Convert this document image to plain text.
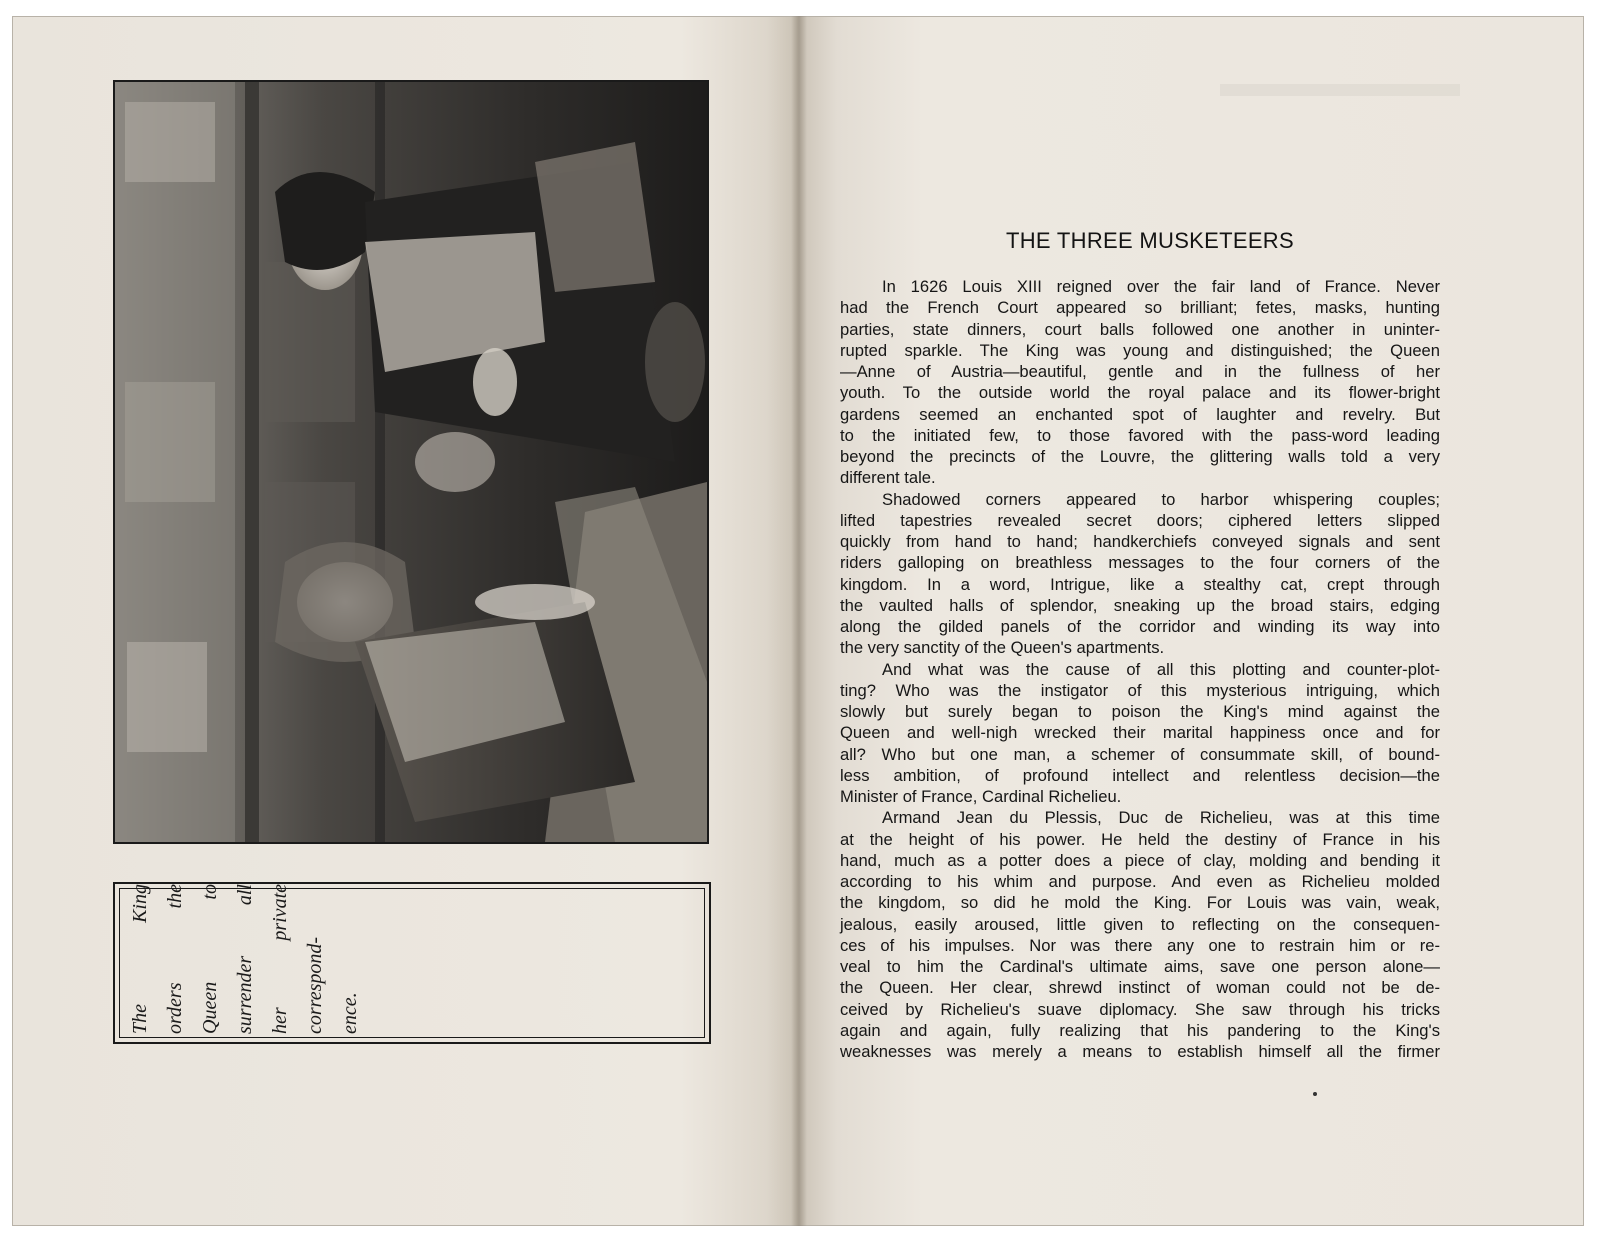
The King orders the Queen to surrender all her private correspond- ence.
THE THREE MUSKETEERS
In 1626 Louis XIII reigned over the fair land of France. Never
had the French Court appeared so brilliant; fetes, masks, hunting
parties, state dinners, court balls followed one another in uninter-
rupted sparkle. The King was young and distinguished; the Queen
—Anne of Austria—beautiful, gentle and in the fullness of her
youth. To the outside world the royal palace and its flower-bright
gardens seemed an enchanted spot of laughter and revelry. But
to the initiated few, to those favored with the pass-word leading
beyond the precincts of the Louvre, the glittering walls told a very
different tale.
Shadowed corners appeared to harbor whispering couples;
lifted tapestries revealed secret doors; ciphered letters slipped
quickly from hand to hand; handkerchiefs conveyed signals and sent
riders galloping on breathless messages to the four corners of the
kingdom. In a word, Intrigue, like a stealthy cat, crept through
the vaulted halls of splendor, sneaking up the broad stairs, edging
along the gilded panels of the corridor and winding its way into
the very sanctity of the Queen's apartments.
And what was the cause of all this plotting and counter-plot-
ting? Who was the instigator of this mysterious intriguing, which
slowly but surely began to poison the King's mind against the
Queen and well-nigh wrecked their marital happiness once and for
all? Who but one man, a schemer of consummate skill, of bound-
less ambition, of profound intellect and relentless decision—the
Minister of France, Cardinal Richelieu.
Armand Jean du Plessis, Duc de Richelieu, was at this time
at the height of his power. He held the destiny of France in his
hand, much as a potter does a piece of clay, molding and bending it
according to his whim and purpose. And even as Richelieu molded
the kingdom, so did he mold the King. For Louis was vain, weak,
jealous, easily aroused, little given to reflecting on the consequen-
ces of his impulses. Nor was there any one to restrain him or re-
veal to him the Cardinal's ultimate aims, save one person alone—
the Queen. Her clear, shrewd instinct of woman could not be de-
ceived by Richelieu's suave diplomacy. She saw through his tricks
again and again, fully realizing that his pandering to the King's
weaknesses was merely a means to establish himself all the firmer
